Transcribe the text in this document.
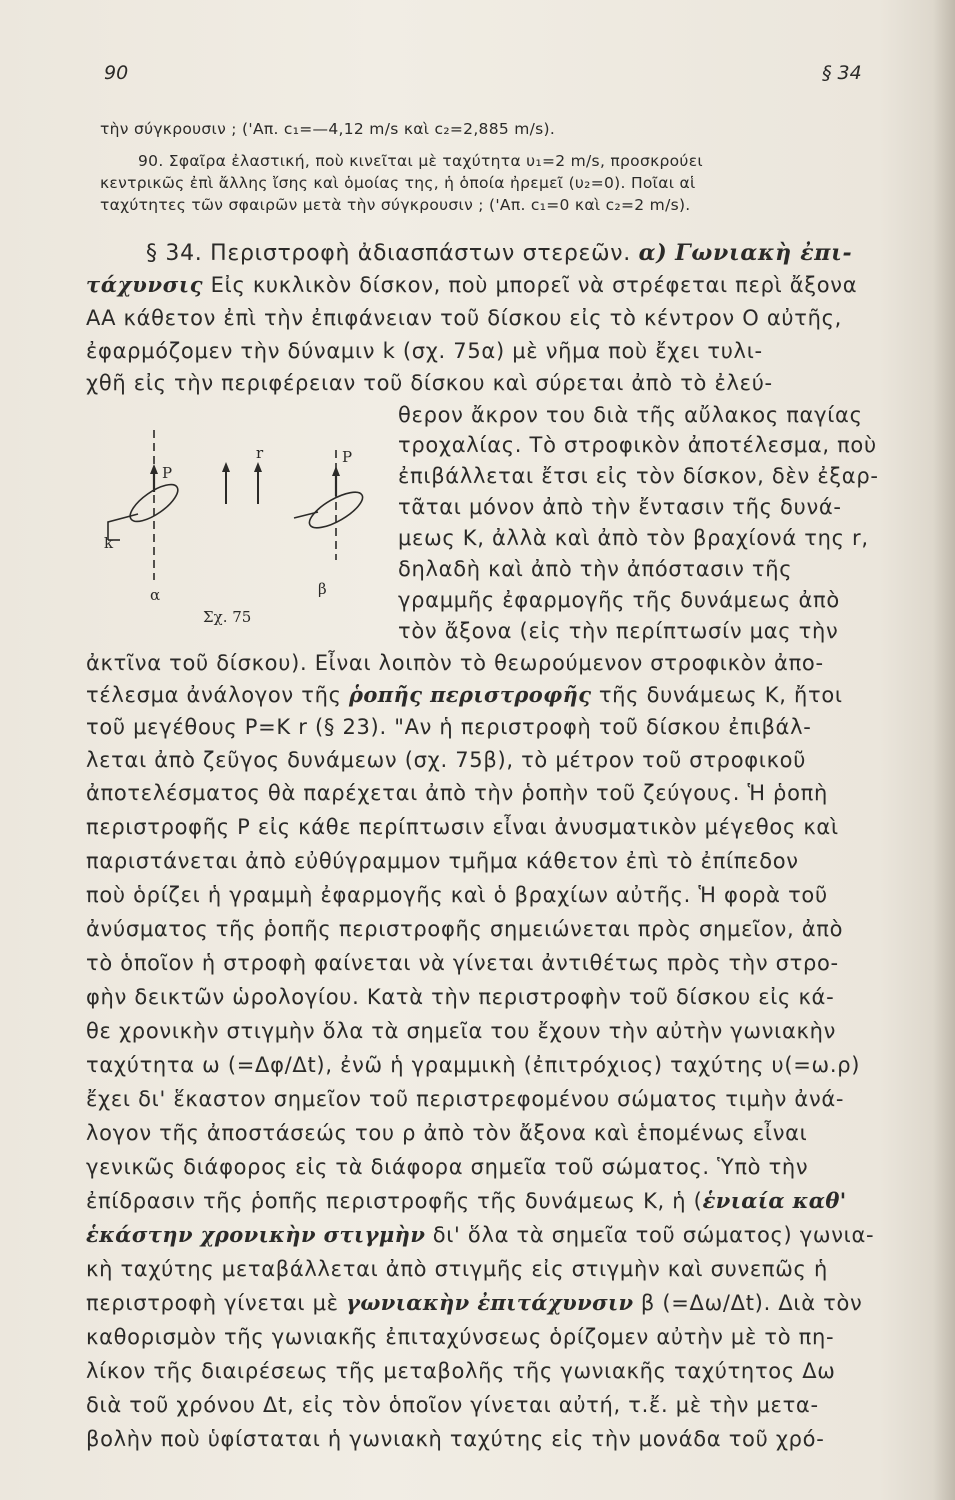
90	§ 34
τὴν σύγκρουσιν ; ('Απ. c₁=—4,12 m/s καὶ c₂=2,885 m/s).
90. Σφαῖρα ἐλαστική, ποὺ κινεῖται μὲ ταχύτητα υ₁=2 m/s, προσκρούει
κεντρικῶς ἐπὶ ἄλλης ἴσης καὶ ὁμοίας της, ἡ ὁποία ἠρεμεῖ (υ₂=0). Ποῖαι αἱ
ταχύτητες τῶν σφαιρῶν μετὰ τὴν σύγκρουσιν ; ('Απ. c₁=0 καὶ c₂=2 m/s).
§ 34. Περιστροφὴ ἀδιασπάστων στερεῶν. α) Γωνιακὴ ἐπι-
τάχυνσις Εἰς κυκλικὸν δίσκον, ποὺ μπορεῖ νὰ στρέφεται περὶ ἄξονα
ΑΑ κάθετον ἐπὶ τὴν ἐπιφάνειαν τοῦ δίσκου εἰς τὸ κέντρον Ο αὐτῆς,
ἐφαρμόζομεν τὴν δύναμιν k (σχ. 75α) μὲ νῆμα ποὺ ἔχει τυλι-
χθῆ εἰς τὴν περιφέρειαν τοῦ δίσκου καὶ σύρεται ἀπὸ τὸ ἐλεύ-
θερον ἄκρον του διὰ τῆς αὔλακος παγίας
τροχαλίας. Τὸ στροφικὸν ἀποτέλεσμα, ποὺ
ἐπιβάλλεται ἔτσι εἰς τὸν δίσκον, δὲν ἐξαρ-
τᾶται μόνον ἀπὸ τὴν ἔντασιν τῆς δυνά-
μεως Κ, ἀλλὰ καὶ ἀπὸ τὸν βραχίονά της r,
δηλαδὴ καὶ ἀπὸ τὴν ἀπόστασιν τῆς
γραμμῆς ἐφαρμογῆς τῆς δυνάμεως ἀπὸ
τὸν ἄξονα (εἰς τὴν περίπτωσίν μας τὴν
P
k
r	P
α	β
Σχ. 75
ἀκτῖνα τοῦ δίσκου). Εἶναι λοιπὸν τὸ θεωρούμενον στροφικὸν ἀπο-
τέλεσμα ἀνάλογον τῆς ῥοπῆς περιστροφῆς τῆς δυνάμεως Κ, ἤτοι
τοῦ μεγέθους P=K r (§ 23). "Αν ἡ περιστροφὴ τοῦ δίσκου ἐπιβάλ-
λεται ἀπὸ ζεῦγος δυνάμεων (σχ. 75β), τὸ μέτρον τοῦ στροφικοῦ
ἀποτελέσματος θὰ παρέχεται ἀπὸ τὴν ῥοπὴν τοῦ ζεύγους. Ἡ ῥοπὴ
περιστροφῆς P εἰς κάθε περίπτωσιν εἶναι ἀνυσματικὸν μέγεθος καὶ
παριστάνεται ἀπὸ εὐθύγραμμον τμῆμα κάθετον ἐπὶ τὸ ἐπίπεδον
ποὺ ὁρίζει ἡ γραμμὴ ἐφαρμογῆς καὶ ὁ βραχίων αὐτῆς. Ἡ φορὰ τοῦ
ἀνύσματος τῆς ῥοπῆς περιστροφῆς σημειώνεται πρὸς σημεῖον, ἀπὸ
τὸ ὁποῖον ἡ στροφὴ φαίνεται νὰ γίνεται ἀντιθέτως πρὸς τὴν στρο-
φὴν δεικτῶν ὡρολογίου. Κατὰ τὴν περιστροφὴν τοῦ δίσκου εἰς κά-
θε χρονικὴν στιγμὴν ὅλα τὰ σημεῖα του ἔχουν τὴν αὐτὴν γωνιακὴν
ταχύτητα ω (=Δφ/Δt), ἐνῶ ἡ γραμμικὴ (ἐπιτρόχιος) ταχύτης υ(=ω.ρ)
ἔχει δι' ἕκαστον σημεῖον τοῦ περιστρεφομένου σώματος τιμὴν ἀνά-
λογον τῆς ἀποστάσεώς του ρ ἀπὸ τὸν ἄξονα καὶ ἑπομένως εἶναι
γενικῶς διάφορος εἰς τὰ διάφορα σημεῖα τοῦ σώματος. Ὑπὸ τὴν
ἐπίδρασιν τῆς ῥοπῆς περιστροφῆς τῆς δυνάμεως Κ, ἡ (ἑνιαία καθ'
ἑκάστην χρονικὴν στιγμὴν δι' ὅλα τὰ σημεῖα τοῦ σώματος) γωνια-
κὴ ταχύτης μεταβάλλεται ἀπὸ στιγμῆς εἰς στιγμὴν καὶ συνεπῶς ἡ
περιστροφὴ γίνεται μὲ γωνιακὴν ἐπιτάχυνσιν β (=Δω/Δt). Διὰ τὸν
καθορισμὸν τῆς γωνιακῆς ἐπιταχύνσεως ὁρίζομεν αὐτὴν μὲ τὸ πη-
λίκον τῆς διαιρέσεως τῆς μεταβολῆς τῆς γωνιακῆς ταχύτητος Δω
διὰ τοῦ χρόνου Δt, εἰς τὸν ὁποῖον γίνεται αὐτή, τ.ἔ. μὲ τὴν μετα-
βολὴν ποὺ ὑφίσταται ἡ γωνιακὴ ταχύτης εἰς τὴν μονάδα τοῦ χρό-
